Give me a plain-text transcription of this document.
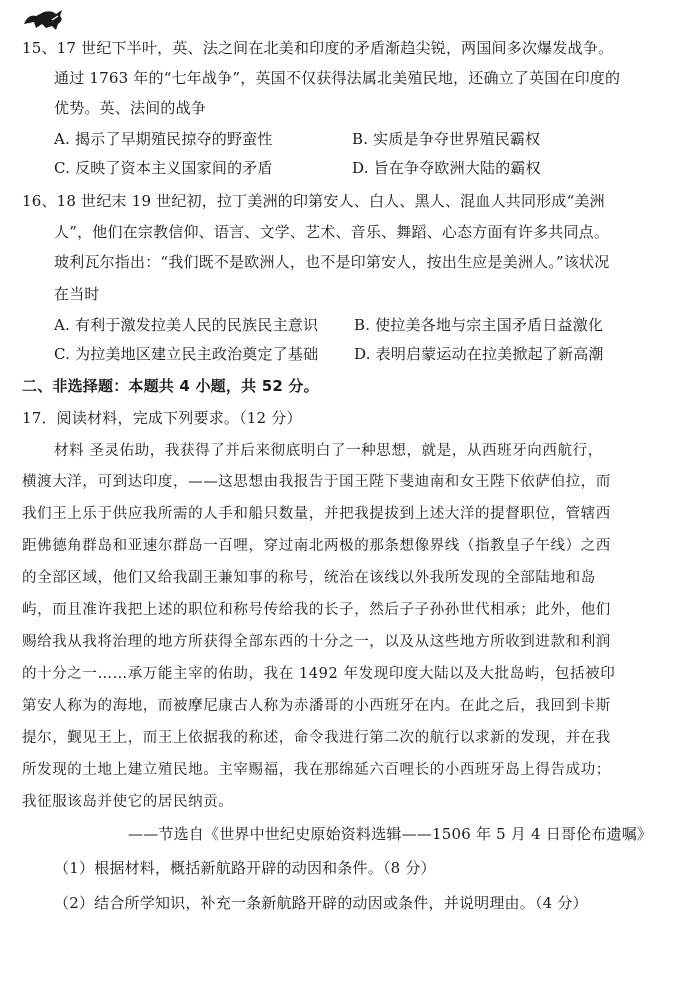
15、17 世纪下半叶，英、法之间在北美和印度的矛盾渐趋尖锐，两国间多次爆发战争。
通过 1763 年的“七年战争”，英国不仅获得法属北美殖民地，还确立了英国在印度的
优势。英、法间的战争
A. 揭示了早期殖民掠夺的野蛮性	B. 实质是争夺世界殖民霸权
C. 反映了资本主义国家间的矛盾	D. 旨在争夺欧洲大陆的霸权
16、18 世纪末 19 世纪初，拉丁美洲的印第安人、白人、黑人、混血人共同形成“美洲
人”，他们在宗教信仰、语言、文学、艺术、音乐、舞蹈、心态方面有许多共同点。
玻利瓦尔指出：“我们既不是欧洲人，也不是印第安人，按出生应是美洲人。”该状况
在当时
A. 有利于激发拉美人民的民族民主意识 B. 使拉美各地与宗主国矛盾日益激化
C. 为拉美地区建立民主政治奠定了基础 D. 表明启蒙运动在拉美掀起了新高潮
二、非选择题：本题共 4 小题，共 52 分。
17．阅读材料，完成下列要求。（12 分）
材料 圣灵佑助，我获得了并后来彻底明白了一种思想，就是，从西班牙向西航行，
横渡大洋，可到达印度，——这思想由我报告于国王陛下斐迪南和女王陛下依萨伯拉，而
我们王上乐于供应我所需的人手和船只数量，并把我提拔到上述大洋的提督职位，管辖西
距佛德角群岛和亚速尔群岛一百哩，穿过南北两极的那条想像界线（指教皇子午线）之西
的全部区域，他们又给我副王兼知事的称号，统治在该线以外我所发现的全部陆地和岛
屿，而且准许我把上述的职位和称号传给我的长子，然后子子孙孙世代相承；此外，他们
赐给我从我将治理的地方所获得全部东西的十分之一，以及从这些地方所收到进款和利润
的十分之一……承万能主宰的佑助，我在 1492 年发现印度大陆以及大批岛屿，包括被印
第安人称为的海地，而被摩尼康古人称为赤潘哥的小西班牙在内。在此之后，我回到卡斯
提尔，觐见王上，而王上依据我的称述，命令我进行第二次的航行以求新的发现，并在我
所发现的土地上建立殖民地。主宰赐福，我在那绵延六百哩长的小西班牙岛上得告成功；
我征服该岛并使它的居民纳贡。
——节选自《世界中世纪史原始资料选辑——1506 年 5 月 4 日哥伦布遗嘱》
（1）根据材料，概括新航路开辟的动因和条件。（8 分）
（2）结合所学知识，补充一条新航路开辟的动因或条件，并说明理由。（4 分）
